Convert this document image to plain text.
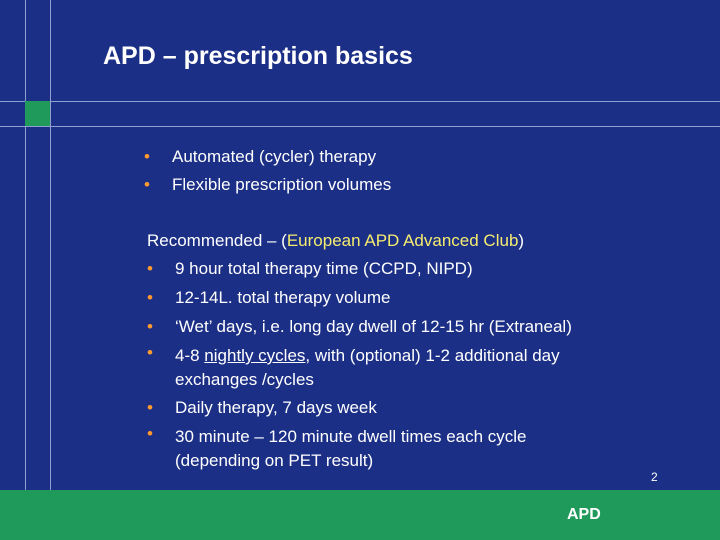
APD – prescription basics
• Automated (cycler) therapy
• Flexible prescription volumes

Recommended – (European APD Advanced Club)

• 9 hour total therapy time (CCPD, NIPD)
• 12-14L. total therapy volume
• ‘Wet’ days, i.e. long day dwell of 12-15 hr (Extraneal)
• 4-8 nightly cycles, with (optional) 1-2 additional day
exchanges /cycles
• Daily therapy, 7 days week
• 30 minute – 120 minute dwell times each cycle
(depending on PET result)
APD
2
